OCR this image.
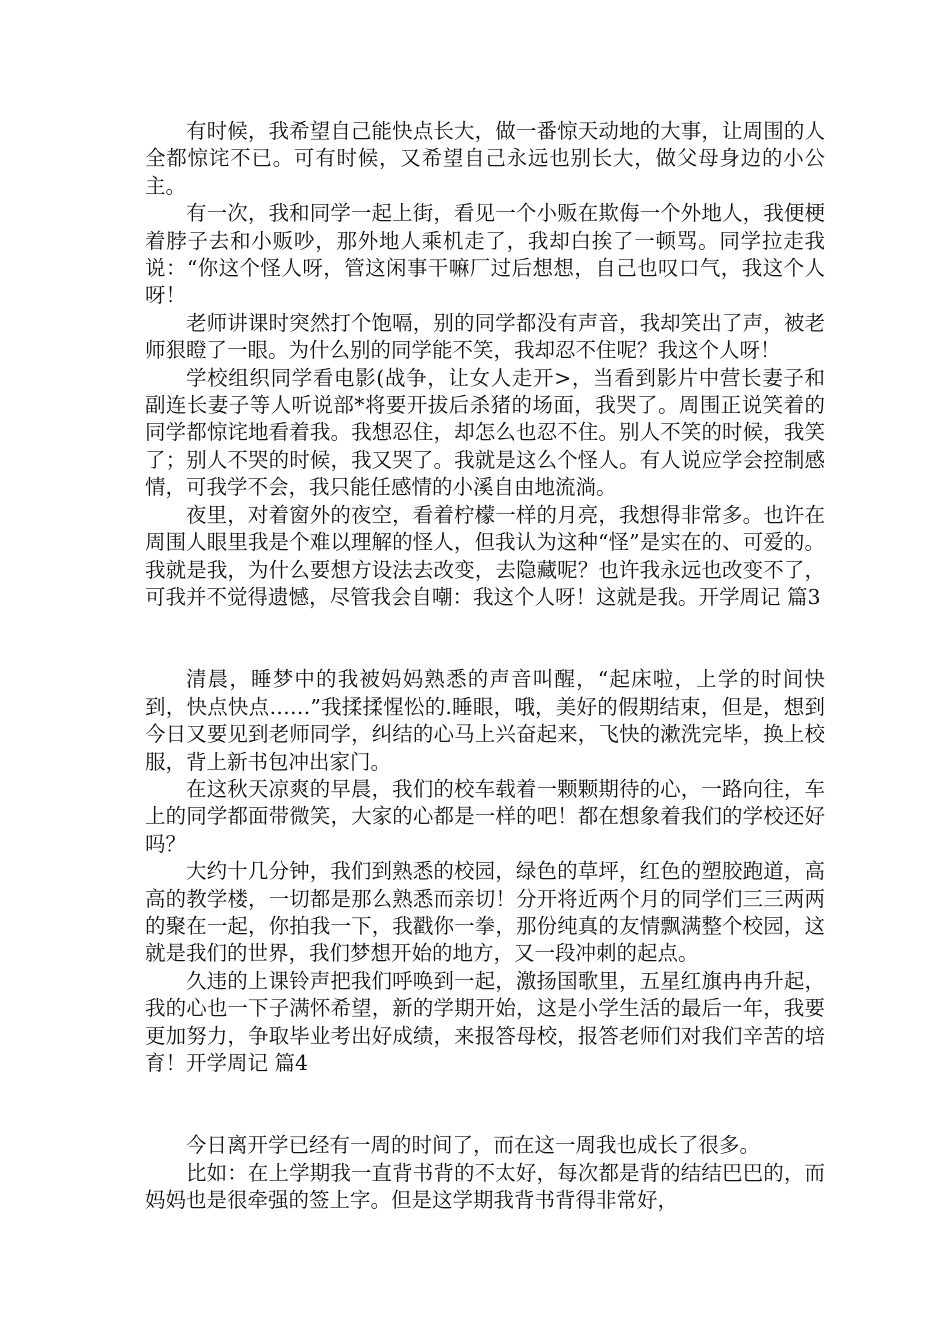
有时候，我希望自己能快点长大，做一番惊天动地的大事，让周围的人全都惊诧不已。可有时候，又希望自己永远也别长大，做父母身边的小公主。

有一次，我和同学一起上街，看见一个小贩在欺侮一个外地人，我便梗着脖子去和小贩吵，那外地人乘机走了，我却白挨了一顿骂。同学拉走我说：“你这个怪人呀，管这闲事干嘛厂过后想想，自己也叹口气，我这个人呀！

老师讲课时突然打个饱嗝，别的同学都没有声音，我却笑出了声，被老师狠瞪了一眼。为什么别的同学能不笑，我却忍不住呢？我这个人呀！

学校组织同学看电影(战争，让女人走开>，当看到影片中营长妻子和副连长妻子等人听说部*将要开拔后杀猪的场面，我哭了。周围正说笑着的同学都惊诧地看着我。我想忍住，却怎么也忍不住。别人不笑的时候，我笑了；别人不哭的时候，我又哭了。我就是这么个怪人。有人说应学会控制感情，可我学不会，我只能任感情的小溪自由地流淌。

夜里，对着窗外的夜空，看着柠檬一样的月亮，我想得非常多。也许在周围人眼里我是个难以理解的怪人，但我认为这种“怪”是实在的、可爱的。我就是我，为什么要想方设法去改变，去隐藏呢？也许我永远也改变不了，可我并不觉得遗憾，尽管我会自嘲：我这个人呀！这就是我。开学周记 篇3

清晨，睡梦中的我被妈妈熟悉的声音叫醒，“起床啦，上学的时间快到，快点快点……”我揉揉惺忪的.睡眼，哦，美好的假期结束，但是，想到今日又要见到老师同学，纠结的心马上兴奋起来，飞快的漱洗完毕，换上校服，背上新书包冲出家门。

在这秋天凉爽的早晨，我们的校车载着一颗颗期待的心，一路向往，车上的同学都面带微笑，大家的心都是一样的吧！都在想象着我们的学校还好吗？

大约十几分钟，我们到熟悉的校园，绿色的草坪，红色的塑胶跑道，高高的教学楼，一切都是那么熟悉而亲切！分开将近两个月的同学们三三两两的聚在一起，你拍我一下，我戳你一拳，那份纯真的友情飘满整个校园，这就是我们的世界，我们梦想开始的地方，又一段冲刺的起点。

久违的上课铃声把我们呼唤到一起，激扬国歌里，五星红旗冉冉升起，我的心也一下子满怀希望，新的学期开始，这是小学生活的最后一年，我要更加努力，争取毕业考出好成绩，来报答母校，报答老师们对我们辛苦的培育！开学周记 篇4

今日离开学已经有一周的时间了，而在这一周我也成长了很多。

比如：在上学期我一直背书背的不太好，每次都是背的结结巴巴的，而妈妈也是很牵强的签上字。但是这学期我背书背得非常好，
